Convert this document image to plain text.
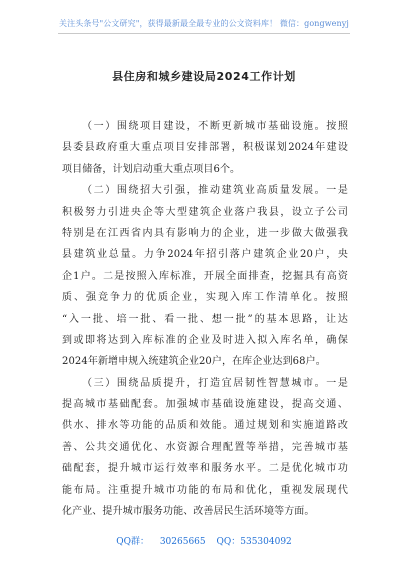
关注头条号"公文研究"，获得最新最全最专业的公文资料库！ 微信：gongwenyj
县住房和城乡建设局2024工作计划
（一）围绕项目建设，不断更新城市基础设施。按照
县委县政府重大重点项目安排部署，积极谋划2024年建设
项目储备，计划启动重大重点项目6个。
（二）围绕招大引强，推动建筑业高质量发展。一是
积极努力引进央企等大型建筑企业落户我县，设立子公司
特别是在江西省内具有影响力的企业，进一步做大做强我
县建筑业总量。力争2024年招引落户建筑企业20户，央
企1户。二是按照入库标准，开展全面排查，挖掘具有高资
质、强竞争力的优质企业，实现入库工作清单化。按照
“入一批、培一批、看一批、想一批”的基本思路，让达
到或即将达到入库标准的企业及时进入拟入库名单，确保
2024年新增申规入统建筑企业20户，在库企业达到68户。
（三）围绕品质提升，打造宜居韧性智慧城市。一是
提高城市基础配套。加强城市基础设施建设，提高交通、
供水、排水等功能的品质和效能。通过规划和实施道路改
善、公共交通优化、水资源合理配置等举措，完善城市基
础配套，提升城市运行效率和服务水平。二是优化城市功
能布局。注重提升城市功能的布局和优化，重视发展现代
化产业、提升城市服务功能、改善居民生活环境等方面。
QQ群： 30265665 QQ：535304092
